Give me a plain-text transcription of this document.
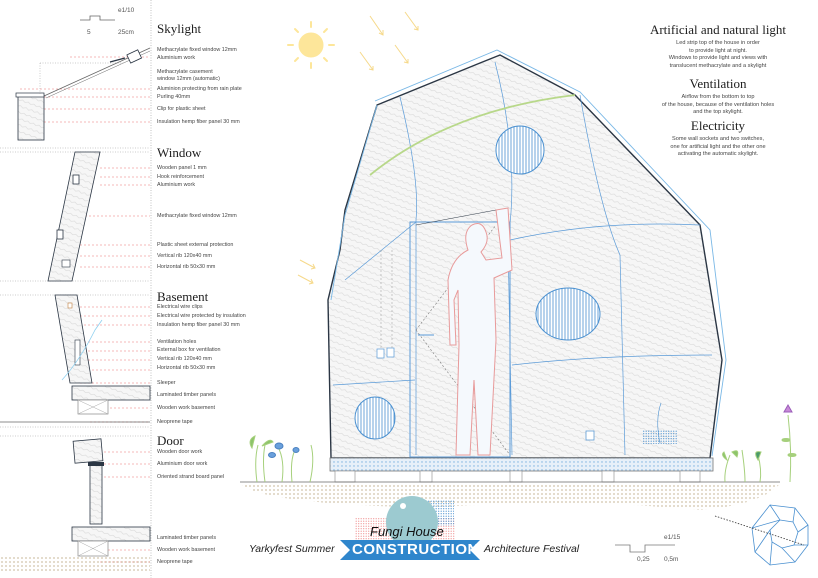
e1/10
5	25cm Skylight
Methacrylate fixed window 12mm
Aluminium work
Methacrylate casement
window 12mm (automatic)
Aluminion protecting from rain plate
Purling 40mm
Clip for plastic sheet
Insulation hemp fiber panel 30 mm
Window
Wooden panel 1 mm
Hook reinforcement
Aluminium work
Methacrylate fixed window 12mm
Plastic sheet external protection
Vertical rib 120x40 mm
Horizontal rib 50x30 mm
Basement
Electrical wire clips
Electrical wire protected by insulation
Insulation hemp fiber panel 30 mm
Ventilation holes
External box for ventilation
Vertical rib 120x40 mm
Horizontal rib 50x30 mm
Sleeper
Laminated timber panels
Wooden work basement
Neoprene tape
Door
Wooden door work
Aluminium door work
Oriented strand board panel
Laminated timber panels
Wooden work basement
Neoprene tape
Artificial and natural light
Led strip top of the house in order
to provide light at night.
Windows to provide light and views with
translucent methacrylate and a skylight
Ventilation
Airflow from the bottom to top
of the house, because of the ventilation holes
and the top skylight.
Electricity
Some wall sockets and two switches,
one for artificial light and the other one
activating the automatic skylight.
Yarkyfest Summer
Fungi House
CONSTRUCTION Architecture Festival
e1/15
0,25 0,5m
